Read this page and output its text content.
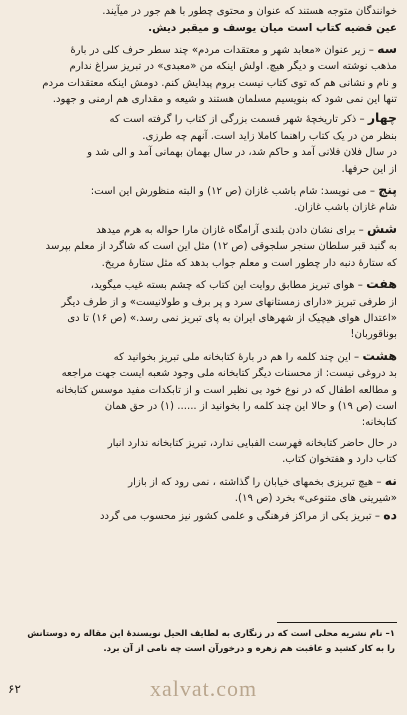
خوانندگان متوجه هستند که عنوان و محتوی چطور با هم جور در میآیند.
عین قضیه کتاب است میان یوسف و میقبر دیش.

سه – زیر عنوان «معابد شهر و معتقدات مردم» چند سطر حرف کلی در بارهٔ
مذهب نوشته است و دیگر هیچ. اولش اینکه من «معبدی» در تبریز سراغ ندارم
و نام و نشانی هم که توی کتاب نیست بروم پیدایش کنم. دومش اینکه معتقدات مردم
تنها این نمی شود که بنویسیم مسلمان هستند و شیعه و مقداری هم ارمنی و جهود.

چهار – ذکر تاریخچهٔ شهر قسمت بزرگی از کتاب را گرفته است که
بنظر من در یک کتاب راهنما کاملا زاید است. آنهم چه طرزی.
در سال فلان فلانی آمد و حاکم شد، در سال بهمان بهمانی آمد و الی شد و
از این حرفها.

پنج – می نویسد: شام باشب غازان (ص ۱۲) و البته منظورش این است:
شام غازان باشب غازان.

شش – برای نشان دادن بلندی آرامگاه غازان مارا حواله به هرم میدهد
به گنبد قبر سلطان سنجر سلجوقی (ص ۱۲) مثل این است که شاگرد از معلم بپرسد
که ستارهٔ دنبه دار چطور است و معلم جواب بدهد که مثل ستارهٔ مریخ.

هفت – هوای تبریز مطابق روایت این کتاب که چشم بسته غیب میگوید،
از طرفی تبریز «دارای زمستانهای سرد و پر برف و طولانیست» و از طرف دیگر
«اعتدال هوای هیچیک از شهرهای ایران به پای تبریز نمی رسد.» (ص ۱۶) تا دی
بوناقوربان!

هشت – این چند کلمه را هم در بارهٔ کتابخانه ملی تبریز بخوانید که
بد دروغی نیست: از محسنات دیگر کتابخانه ملی وجود شعبه ایست جهت مراجعه
و مطالعه اطفال که در نوع خود بی نظیر است و از تابکدات مفید موسس کتابخانه
است (ص ۱۹) و حالا این چند کلمه را بخوانید از ...... (۱) در حق همان
کتابخانه:

در حال حاضر کتابخانه فهرست الفبایی ندارد، تبریز کتابخانه ندارد انبار
کتاب دارد و هفتخوان کتاب.

نه – هیچ تبریزی بخمهای خیابان را گذاشته ، نمی رود که از بازار
«شیرینی های متنوعی» بخرد (ص ۱۹).

ده – تبریز یکی از مراکز فرهنگی و علمی کشور نیز محسوب می گردد

۱– نام نشریه محلی است که در زنگاری به لطایف الحیل نویسندهٔ این مقاله ره دوستانش
را به کار کشید و عاقبت هم زهره و درخورآن است چه نامی از آن برد.
xalvat.com
۶۲
